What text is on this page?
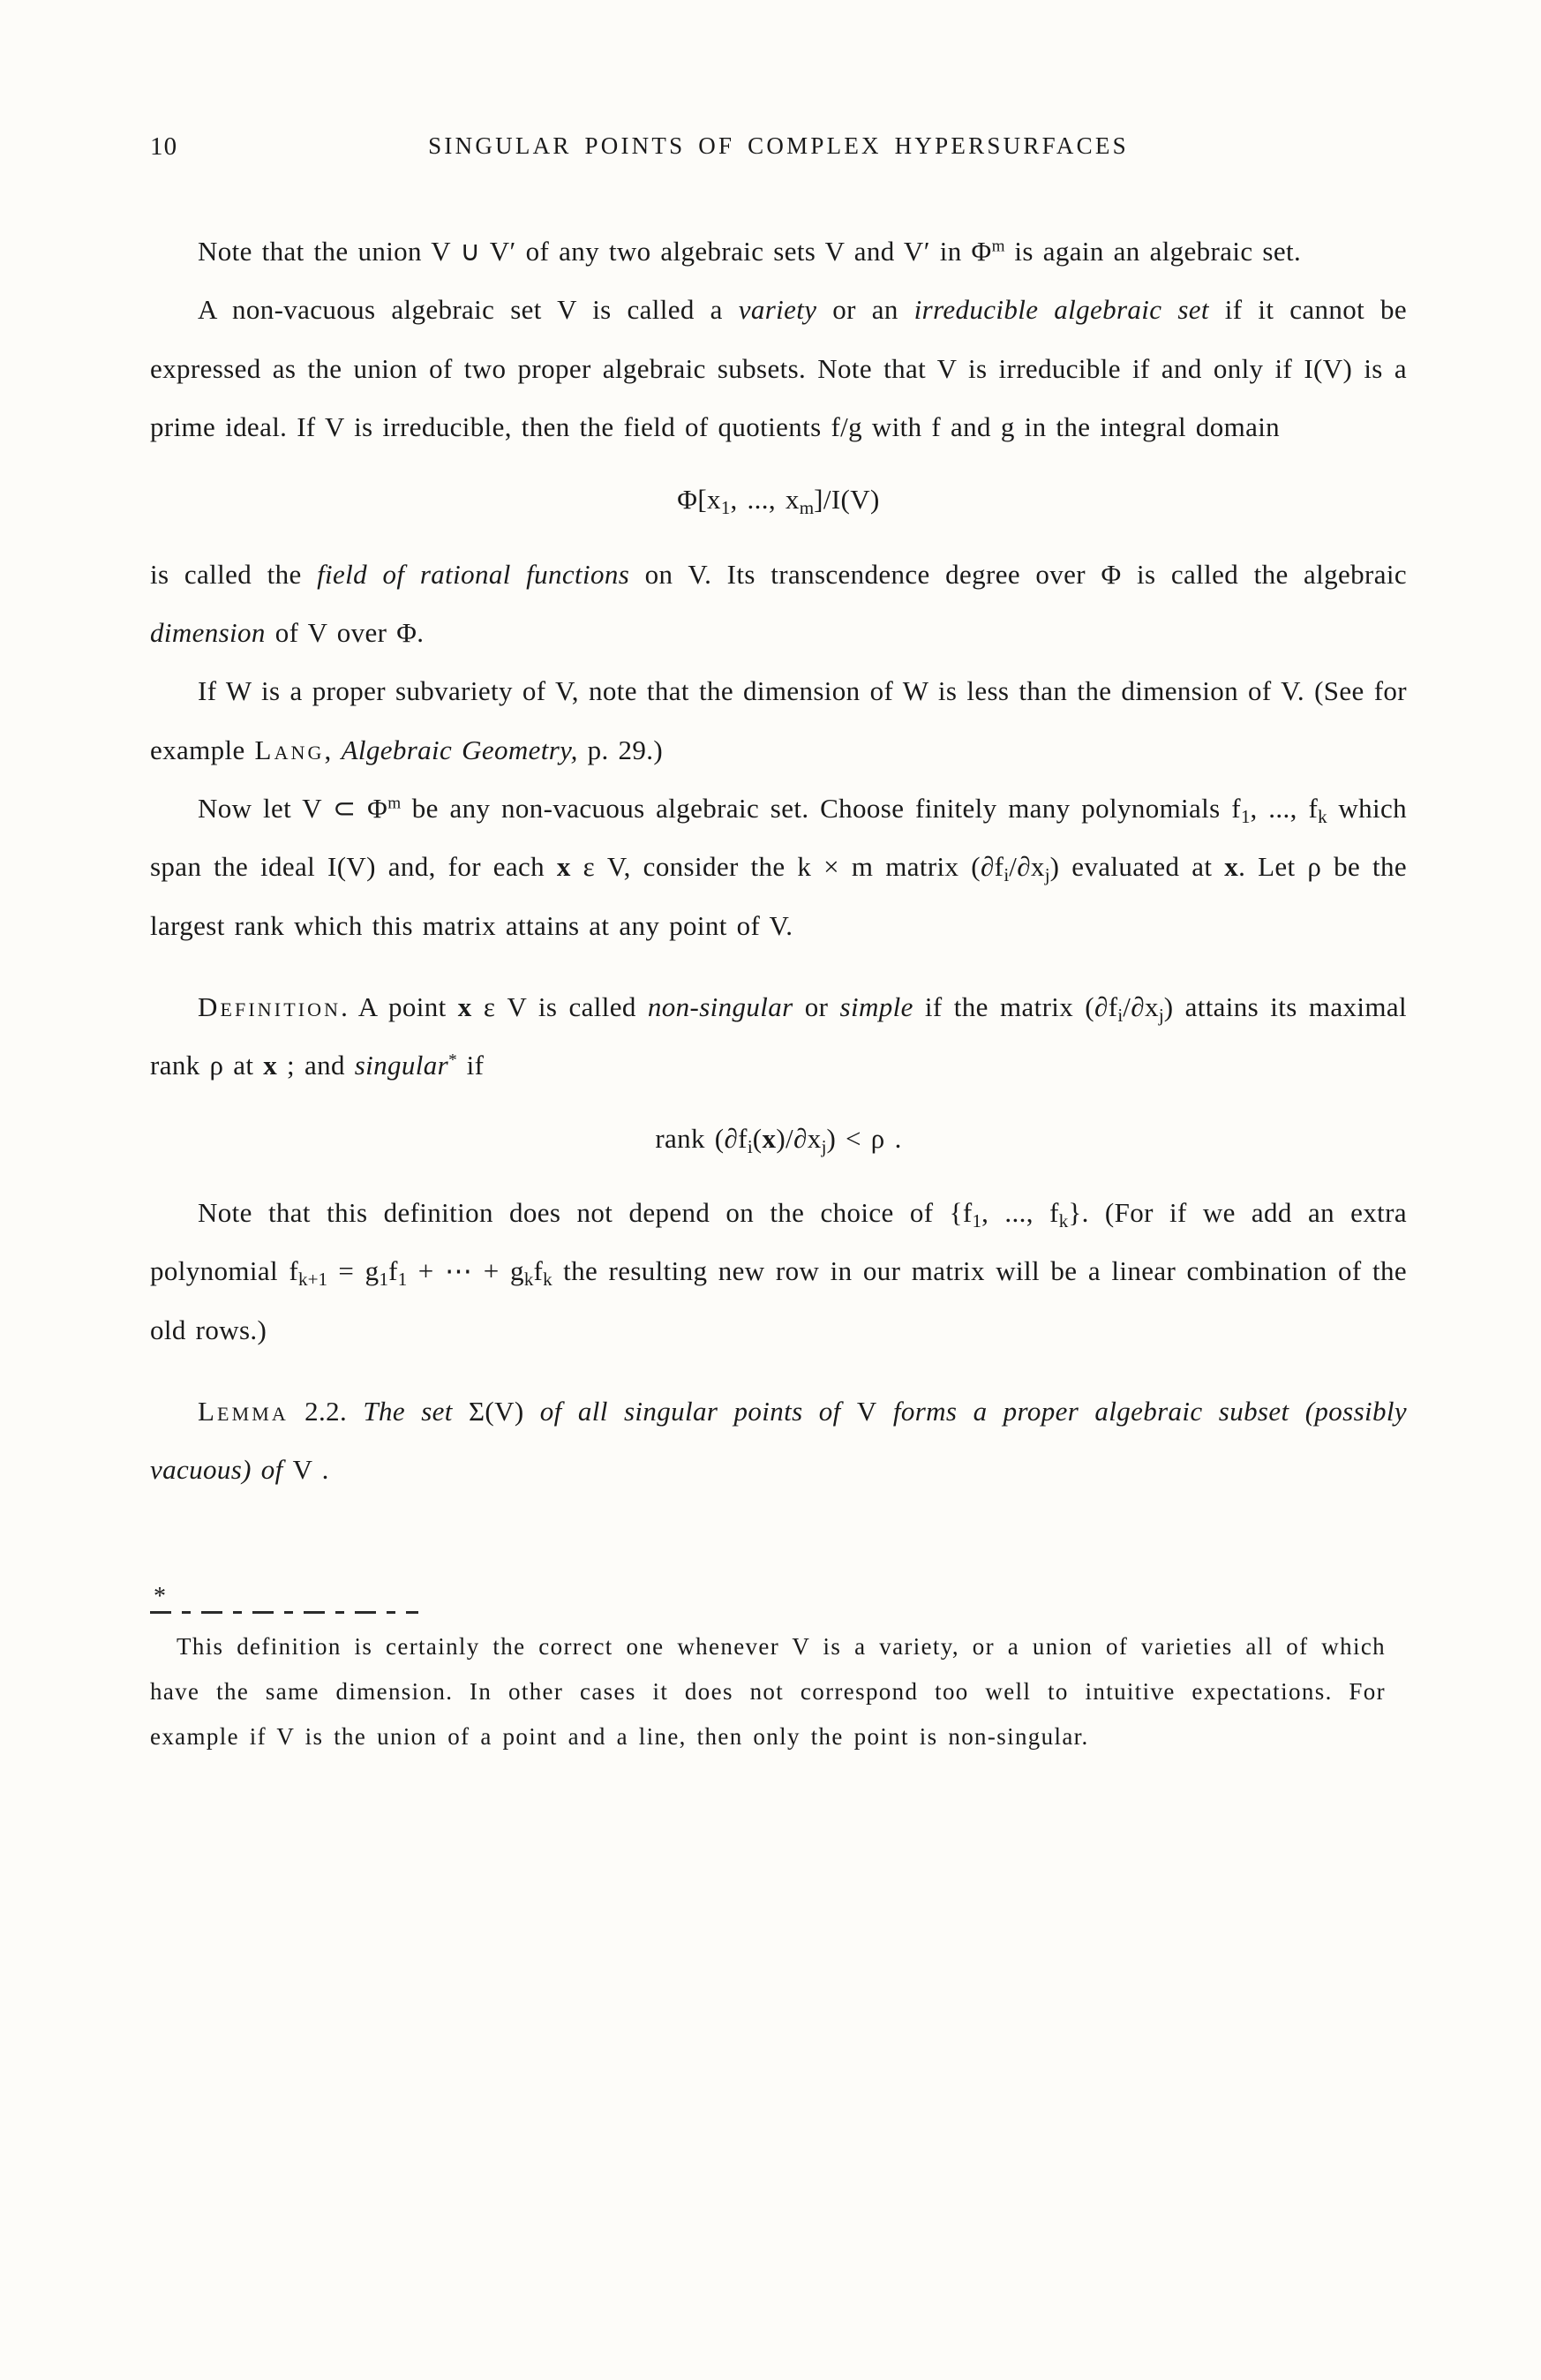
10	SINGULAR POINTS OF COMPLEX HYPERSURFACES
Note that the union V ∪ V′ of any two algebraic sets V and V′ in $\Phi^m$ is again an algebraic set.
A non-vacuous algebraic set V is called a variety or an irreducible algebraic set if it cannot be expressed as the union of two proper algebraic subsets. Note that V is irreducible if and only if I(V) is a prime ideal. If V is irreducible, then the field of quotients f/g with f and g in the integral domain
$\Phi[x_1$, ..., $x_m]/I(V)$
is called the field of rational functions on V. Its transcendence degree over Φ is called the algebraic dimension of V over Φ.
If W is a proper subvariety of V, note that the dimension of W is less than the dimension of V. (See for example Lang, Algebraic Geometry, p. 29.)
Now let V ⊂ $\Phi^m$ be any non-vacuous algebraic set. Choose finitely many polynomials $f_1$, ..., $f_k$ which span the ideal I(V) and, for each x ε V, consider the k × m matrix $(\partial f_i/\partial x_j)$ evaluated at x. Let ρ be the largest rank which this matrix attains at any point of V.
Definition. A point x ε V is called non-singular or simple if the matrix $(\partial f_i/\partial x_j)$ attains its maximal rank ρ at x ; and singular* if
rank $(\partial f_i(x)/\partial x_j) < \rho$ .
Note that this definition does not depend on the choice of {$f_1$, ..., $f_k$}. (For if we add an extra polynomial $f_{k+1} = g_1f_1$ + ⋯ + $g_kf_k$ the resulting new row in our matrix will be a linear combination of the old rows.)
Lemma 2.2. The set Σ(V) of all singular points of V forms a proper algebraic subset (possibly vacuous) of V .
*
This definition is certainly the correct one whenever V is a variety, or a union of varieties all of which have the same dimension. In other cases it does not correspond too well to intuitive expectations. For example if V is the union of a point and a line, then only the point is non-singular.
